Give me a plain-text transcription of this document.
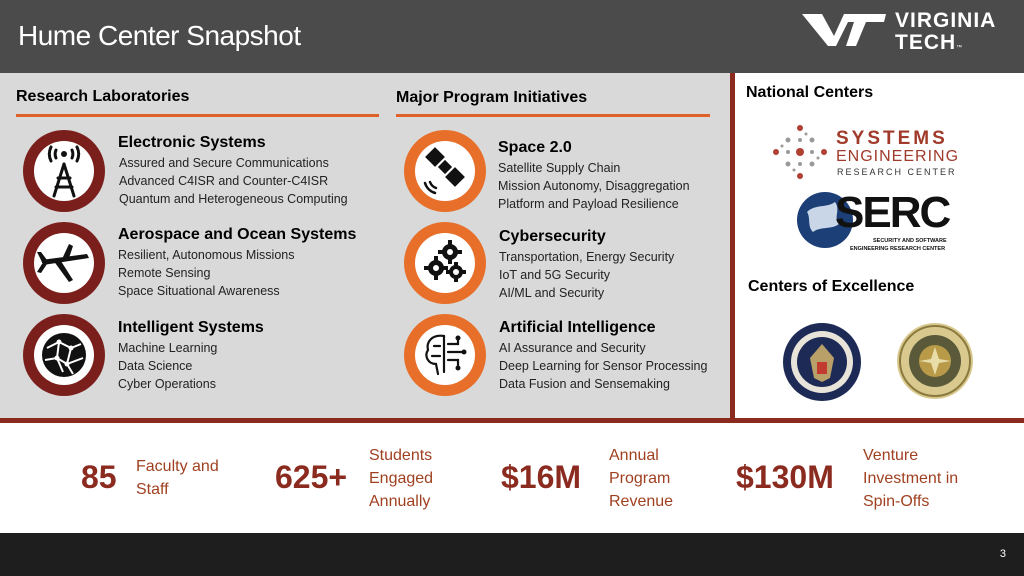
Hume Center Snapshot	VIRGINIA
TECH™
Research Laboratories	Major Program Initiatives
Electronic Systems
Assured and Secure Communications
Advanced C4ISR and Counter-C4ISR
Quantum and Heterogeneous Computing
Aerospace and Ocean Systems
Resilient, Autonomous Missions
Remote Sensing
Space Situational Awareness
Intelligent Systems
Machine Learning
Data Science
Cyber Operations
Space 2.0
Satellite Supply Chain
Mission Autonomy, Disaggregation
Platform and Payload Resilience
Cybersecurity
Transportation, Energy Security
IoT and 5G Security
AI/ML and Security
Artificial Intelligence
AI Assurance and Security
Deep Learning for Sensor Processing
Data Fusion and Sensemaking
National Centers
SYSTEMS
ENGINEERING
RESEARCH CENTER
SERC
SECURITY AND SOFTWARE
ENGINEERING RESEARCH CENTER
Centers of Excellence
85 Faculty and
Staff	625+
Students
Engaged
Annually
$16M
Annual
Program
Revenue
$130M
Venture
Investment in
Spin-Offs
3
